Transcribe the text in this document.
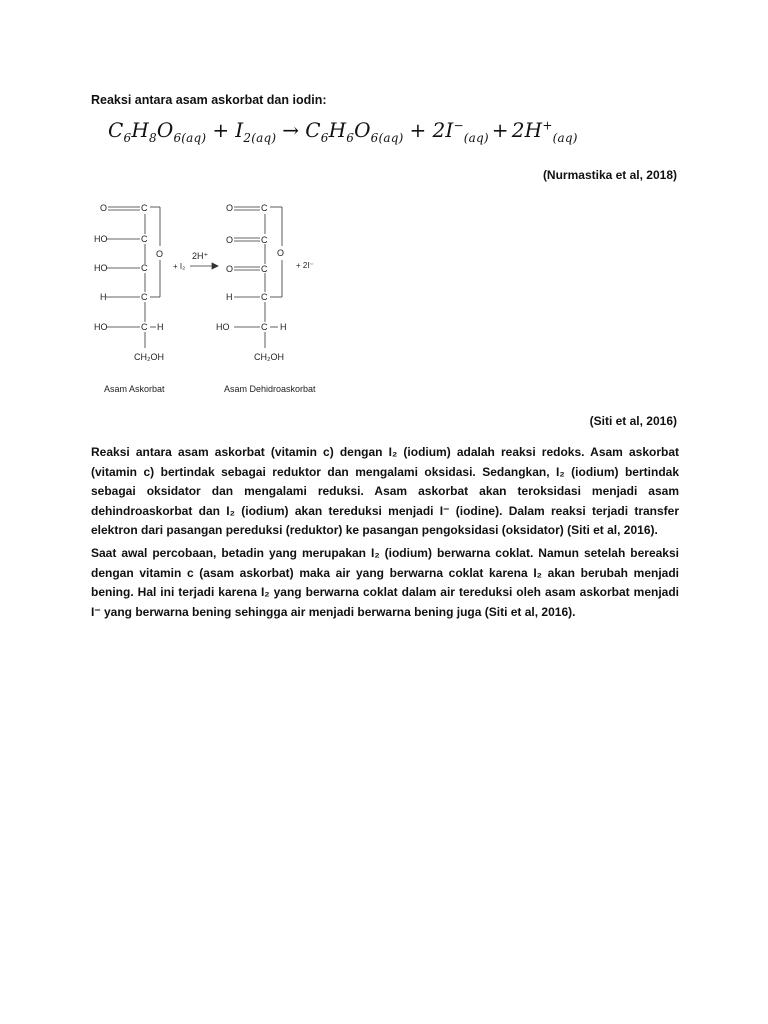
Reaksi antara asam askorbat dan iodin:
$C_6H_8O_{6(aq)} + I_{2(aq)} \to C_6H_6O_{6(aq)} + 2I^-_{(aq)} + 2H^+_{(aq)}$
(Nurmastika et al, 2018)
O	C
HO	C
HO	C
H	C
HO	C H
CH₂OH
O
+ I₂
2H⁺
+ 2I⁻
O	C
O	C
O	C
H	C
HO	C H
CH₂OH
O
Asam Askorbat	Asam Dehidroaskorbat
(Siti et al, 2016)

Reaksi antara asam askorbat (vitamin c) dengan I₂ (iodium) adalah reaksi redoks. Asam askorbat (vitamin c) bertindak sebagai reduktor dan mengalami oksidasi. Sedangkan, I₂ (iodium) bertindak sebagai oksidator dan mengalami reduksi. Asam askorbat akan teroksidasi menjadi asam dehindroaskorbat dan I₂ (iodium) akan tereduksi menjadi I⁻ (iodine). Dalam reaksi terjadi transfer elektron dari pasangan pereduksi (reduktor) ke pasangan pengoksidasi (oksidator) (Siti et al, 2016).

Saat awal percobaan, betadin yang merupakan I₂ (iodium) berwarna coklat. Namun setelah bereaksi dengan vitamin c (asam askorbat) maka air yang berwarna coklat karena I₂ akan berubah menjadi bening. Hal ini terjadi karena I₂ yang berwarna coklat dalam air tereduksi oleh asam askorbat menjadi I⁻ yang berwarna bening sehingga air menjadi berwarna bening juga (Siti et al, 2016).
